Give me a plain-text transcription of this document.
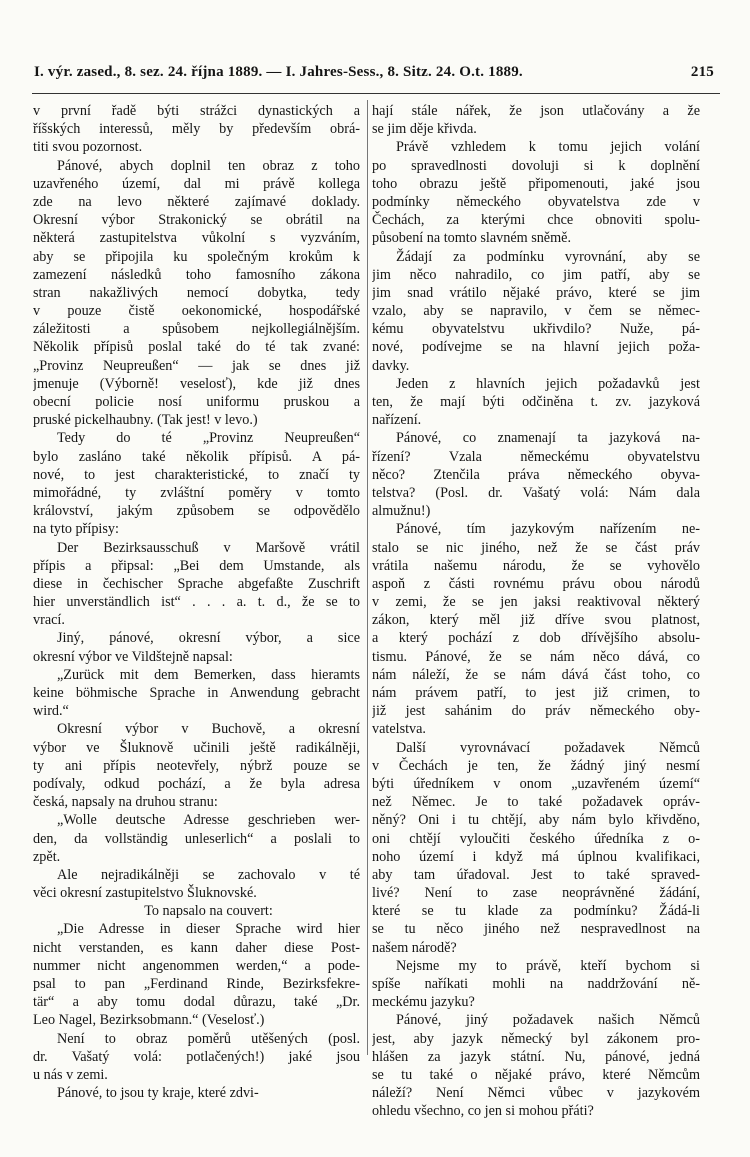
I. výr. zased., 8. sez. 24. října 1889. — I. Jahres-Sess., 8. Sitz. 24. O.t. 1889.	215
v první řadě býti strážci dynastických a
říšských interessů, měly by především obrá-
titi svou pozornost.
Pánové, abych doplnil ten obraz z toho
uzavřeného území, dal mi právě kollega
zde na levo některé zajímavé doklady.
Okresní výbor Strakonický se obrátil na
některá zastupitelstva vůkolní s vyzváním,
aby se připojila ku společným krokům k
zamezení následků toho famosního zákona
stran nakažlivých nemocí dobytka, tedy
v pouze čistě oekonomické, hospodářské
záležitosti a spůsobem nejkollegiálnějším.
Několik přípisů poslal také do té tak zvané:
„Provinz Neupreußen“ — jak se dnes již
jmenuje (Výborně! veselosť), kde již dnes
obecní policie nosí uniformu pruskou a
pruské pickelhaubny. (Tak jest! v levo.)
Tedy do té „Provinz Neupreußen“
bylo zasláno také několik přípisů. A pá-
nové, to jest charakteristické, to značí ty
mimořádné, ty zvláštní poměry v tomto
království, jakým způsobem se odpovědělo
na tyto přípisy:
Der Bezirksausschuß v Maršově vrátil
přípis a připsal: „Bei dem Umstande, als
diese in čechischer Sprache abgefaßte Zuschrift
hier unverständlich ist“ . . . a. t. d., že se to
vrací.
Jiný, pánové, okresní výbor, a sice
okresní výbor ve Vildštejně napsal:
„Zurück mit dem Bemerken, dass hieramts
keine böhmische Sprache in Anwendung gebracht
wird.“
Okresní výbor v Buchově, a okresní
výbor ve Šluknově učinili ještě radikálněji,
ty ani přípis neotevřely, nýbrž pouze se
podívaly, odkud pochází, a že byla adresa
česká, napsaly na druhou stranu:
„Wolle deutsche Adresse geschrieben wer-
den, da vollständig unleserlich“ a poslali to
zpět.
Ale nejradikálněji se zachovalo v té
věci okresní zastupitelstvo Šluknovské.
To napsalo na couvert:
„Die Adresse in dieser Sprache wird hier
nicht verstanden, es kann daher diese Post-
nummer nicht angenommen werden,“ a pode-
psal to pan „Ferdinand Rinde, Bezirksfekre-
tär“ a aby tomu dodal důrazu, také „Dr.
Leo Nagel, Bezirksobmann.“ (Veselosť.)
Není to obraz poměrů utěšených (posl.
dr. Vašatý volá: potlačených!) jaké jsou
u nás v zemi.
Pánové, to jsou ty kraje, které zdvi-
hají stále nářek, že json utlačovány a že
se jim děje křivda.
Právě vzhledem k tomu jejich volání
po spravedlnosti dovoluji si k doplnění
toho obrazu ještě připomenouti, jaké jsou
podmínky německého obyvatelstva zde v
Čechách, za kterými chce obnoviti spolu-
působení na tomto slavném sněmě.
Žádají za podmínku vyrovnání, aby se
jim něco nahradilo, co jim patří, aby se
jim snad vrátilo nějaké právo, které se jim
vzalo, aby se napravilo, v čem se němec-
kému obyvatelstvu ukřivdilo? Nuže, pá-
nové, podívejme se na hlavní jejich poža-
davky.
Jeden z hlavních jejich požadavků jest
ten, že mají býti odčiněna t. zv. jazyková
nařízení.
Pánové, co znamenají ta jazyková na-
řízení? Vzala německému obyvatelstvu
něco? Ztenčila práva německého obyva-
telstva? (Posl. dr. Vašatý volá: Nám dala
almužnu!)
Pánové, tím jazykovým nařízením ne-
stalo se nic jiného, než že se část práv
vrátila našemu národu, že se vyhovělo
aspoň z části rovnému právu obou národů
v zemi, že se jen jaksi reaktivoval některý
zákon, který měl již dříve svou platnost,
a který pochází z dob dřívějšího absolu-
tismu. Pánové, že se nám něco dává, co
nám náleží, že se nám dává část toho, co
nám právem patří, to jest již crimen, to
již jest sahánim do práv německého oby-
vatelstva.
Další vyrovnávací požadavek Němců
v Čechách je ten, že žádný jiný nesmí
býti úředníkem v onom „uzavřeném území“
než Němec. Je to také požadavek opráv-
něný? Oni i tu chtějí, aby nám bylo křivděno,
oni chtějí vyloučiti českého úředníka z o-
noho území i když má úplnou kvalifikaci,
aby tam úřadoval. Jest to také spraved-
livé? Není to zase neoprávněné žádání,
které se tu klade za podmínku? Žádá-li
se tu něco jiného než nespravedlnost na
našem národě?
Nejsme my to právě, kteří bychom si
spíše naříkati mohli na naddržování ně-
meckému jazyku?
Pánové, jiný požadavek našich Němců
jest, aby jazyk německý byl zákonem pro-
hlášen za jazyk státní. Nu, pánové, jedná
se tu také o nějaké právo, které Němcům
náleží? Není Němci vůbec v jazykovém
ohledu všechno, co jen si mohou přáti?
